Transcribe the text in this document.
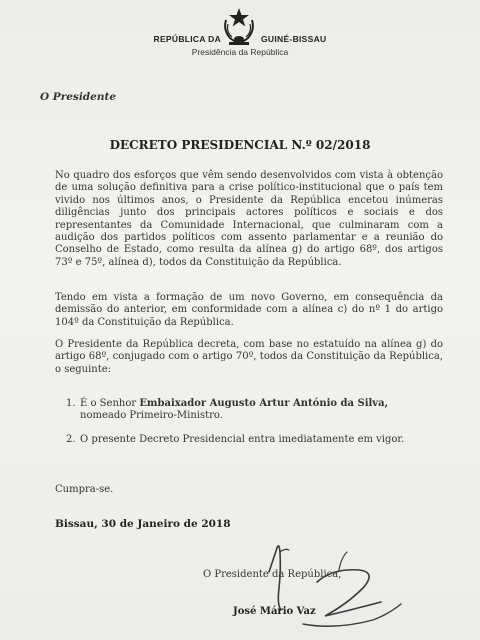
REPÚBLICA DA	GUINÉ-BISSAU
Presidência da República
O Presidente
DECRETO PRESIDENCIAL N.º 02/2018
No quadro dos esforços que vêm sendo desenvolvidos com vista à obtenção de uma solução definitiva para a crise político-institucional que o país tem vivido nos últimos anos, o Presidente da República encetou inúmeras diligências junto dos principais actores políticos e sociais e dos representantes da Comunidade Internacional, que culminaram com a audição dos partidos políticos com assento parlamentar e a reunião do Conselho de Estado, como resulta da alínea g) do artigo 68º, dos artigos 73º e 75º, alínea d), todos da Constituição da República.
Tendo em vista a formação de um novo Governo, em consequência da demissão do anterior, em conformidade com a alínea c) do nº 1 do artigo 104º da Constituição da República.
O Presidente da República decreta, com base no estatuído na alínea g) do artigo 68º, conjugado com o artigo 70º, todos da Constituição da República, o seguinte:
1. É o Senhor Embaixador Augusto Artur António da Silva,
nomeado Primeiro-Ministro.
2. O presente Decreto Presidencial entra imediatamente em vigor.
Cumpra-se.
Bissau, 30 de Janeiro de 2018
O Presidente da República,
José Mário Vaz
